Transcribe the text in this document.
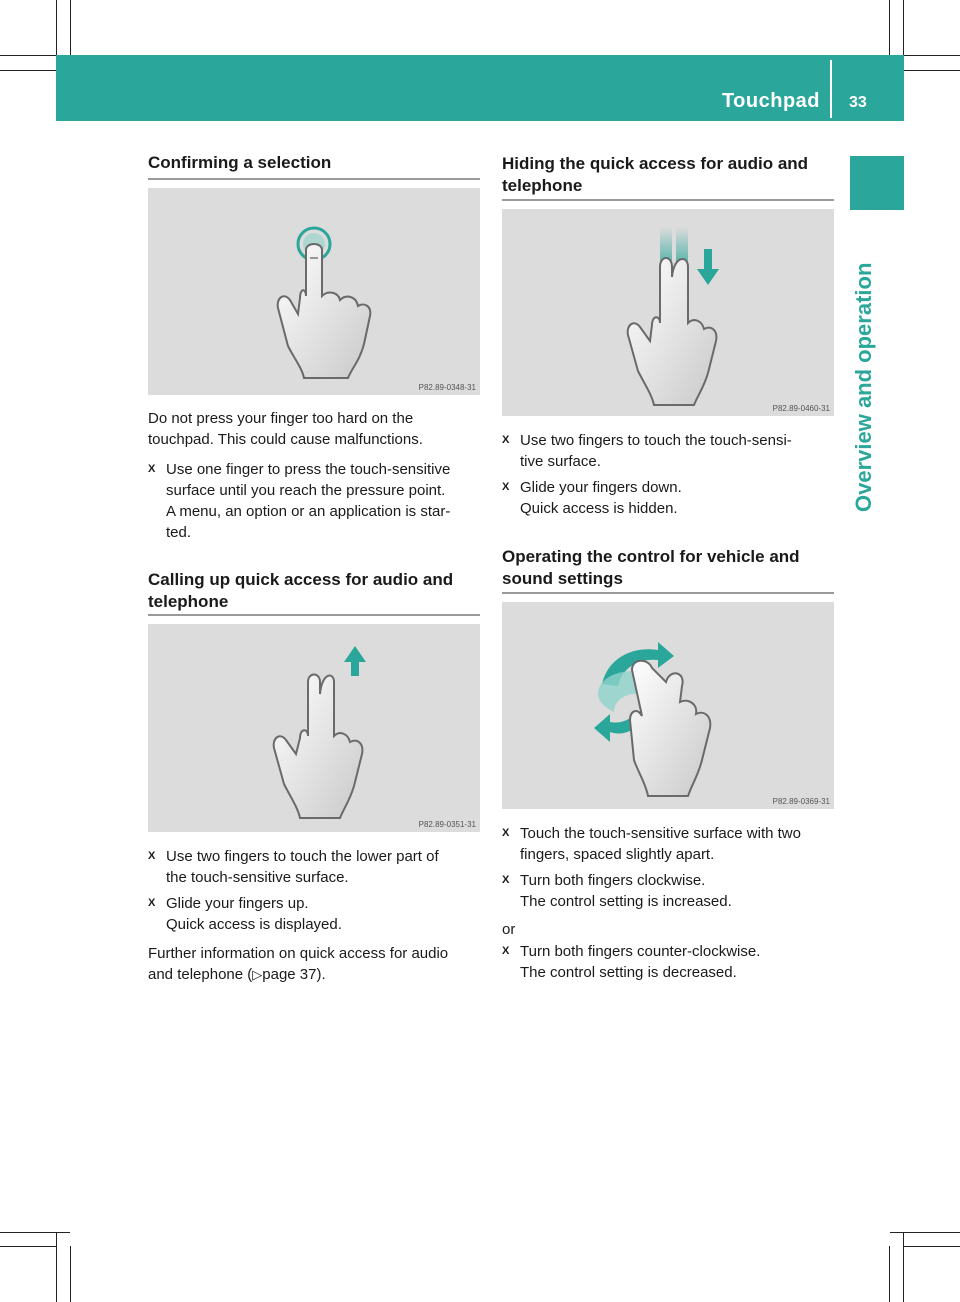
Touchpad 33
Overview and operation
Confirming a selection
P82.89-0348-31
Do not press your finger too hard on the
touchpad. This could cause malfunctions.
X Use one finger to press the touch-sensitive
surface until you reach the pressure point.
A menu, an option or an application is star-
ted.
Calling up quick access for audio and
telephone
P82.89-0351-31
X Use two fingers to touch the lower part of
the touch-sensitive surface.
X Glide your fingers up.
Quick access is displayed.
Further information on quick access for audio
and telephone (▷page 37).
Hiding the quick access for audio and
telephone
P82.89-0460-31
X Use two fingers to touch the touch-sensi-
tive surface.
X Glide your fingers down.
Quick access is hidden.
Operating the control for vehicle and
sound settings
P82.89-0369-31
X Touch the touch-sensitive surface with two
fingers, spaced slightly apart.
X Turn both fingers clockwise.
The control setting is increased.
or
X Turn both fingers counter-clockwise.
The control setting is decreased.
